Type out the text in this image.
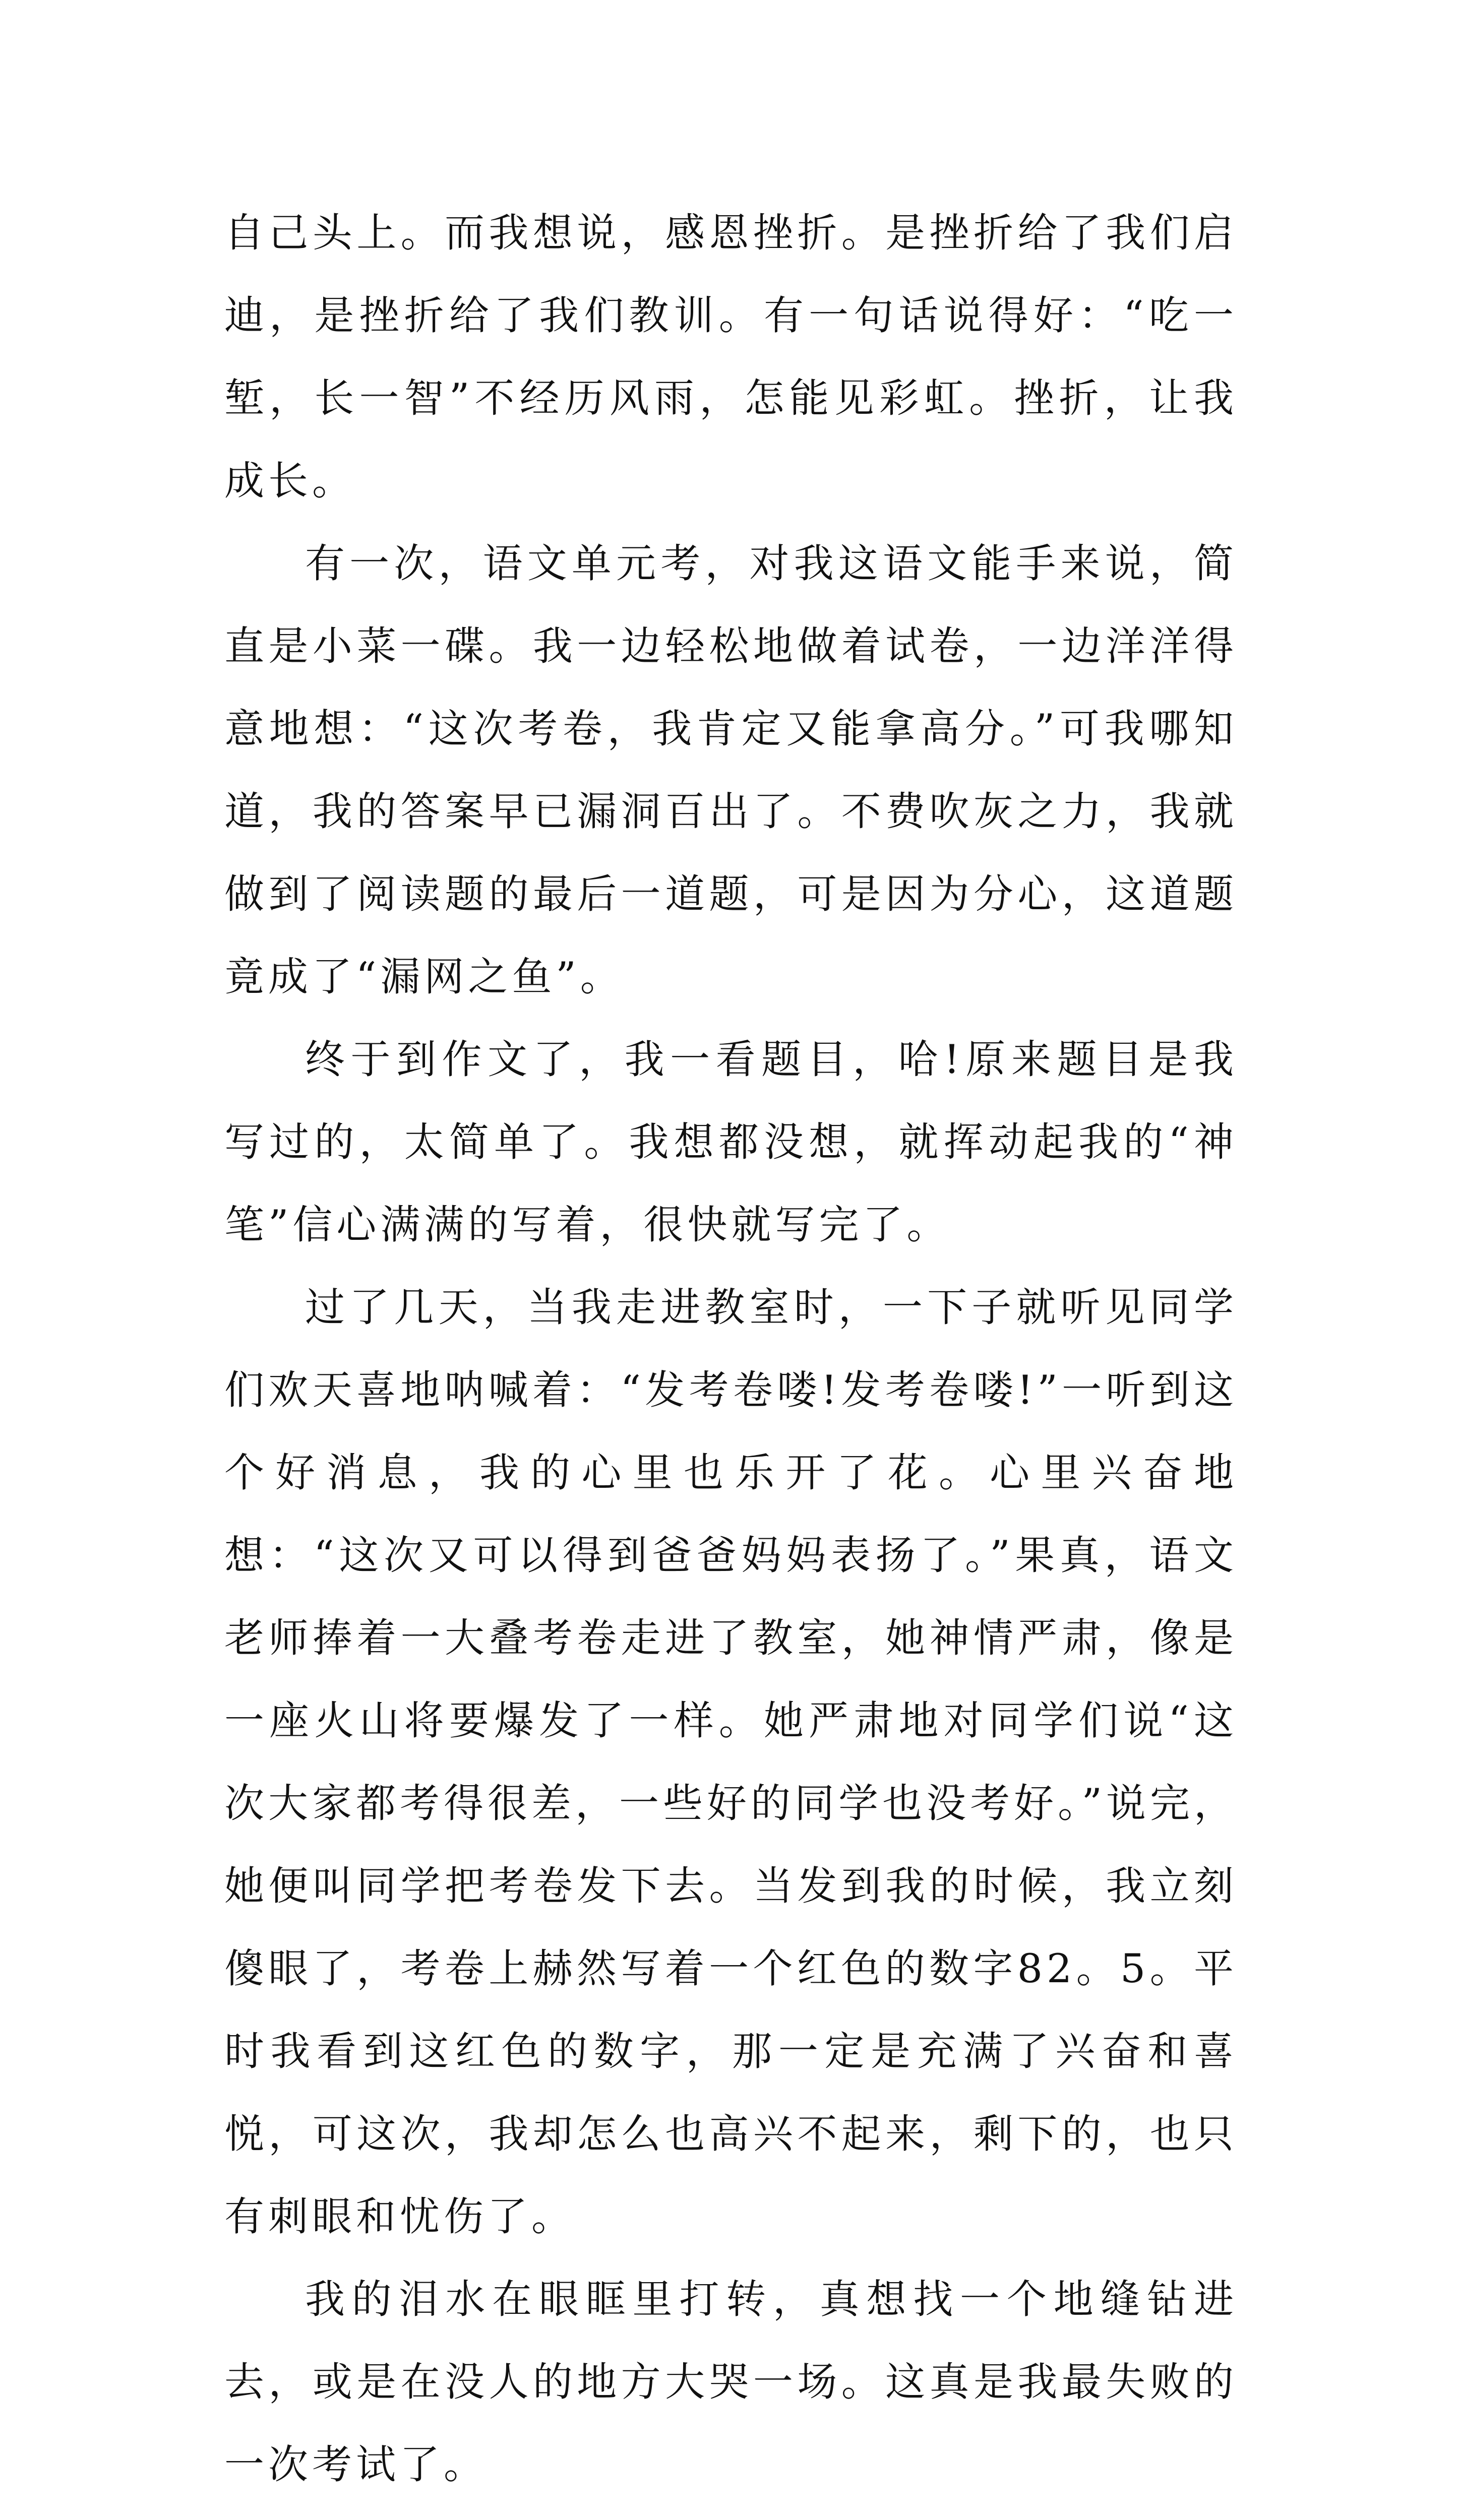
自己头上。而我想说，感恩挫折。是挫折给了我们启迪，是挫折给了我们教训。有一句话说得好：“吃一堑，长一智”不经历风雨，怎能见彩虹。挫折，让我成长。

有一次，语文单元考，对我这语文能手来说，简直是小菜一碟。我一边轻松地做着试卷，一边洋洋得意地想：“这次考卷，我肯定又能拿高分。”可我哪知道，我的答案早已漏洞百出了。不费吹灰之力，我就做到了阅读题的最后一道题，可是因为分心，这道题竟成了“漏网之鱼”。

终于到作文了，我一看题目，哈!原来题目是我写过的，太简单了。我想都没想，就挥动起我的“神笔”信心满满的写着，很快就写完了。

过了几天，当我走进教室时，一下子就听见同学们欢天喜地呐喊着：“发考卷喽!发考卷喽!”一听到这个好消息，我的心里也乐开了花。心里兴奋地想：“这次又可以得到爸爸妈妈表扬了。”果真，语文老师捧着一大叠考卷走进了教室，她神情严肃，像是一座火山将要爆发了一样。她严肃地对同学们说“这次大家都考得很差，一些好的同学也没考好。”说完，她便叫同学把考卷发下去。当发到我的时候，我立刻傻眼了，考卷上赫然写着一个红色的数字82。5。平时我看到这红色的数字，那一定是充满了兴奋和喜悦，可这次，我却怎么也高兴不起来，剩下的，也只有刺眼和忧伤了。

我的泪水在眼眶里打转，真想找一个地缝钻进去，或是在没人的地方大哭一场。这真是我最失败的一次考试了。
